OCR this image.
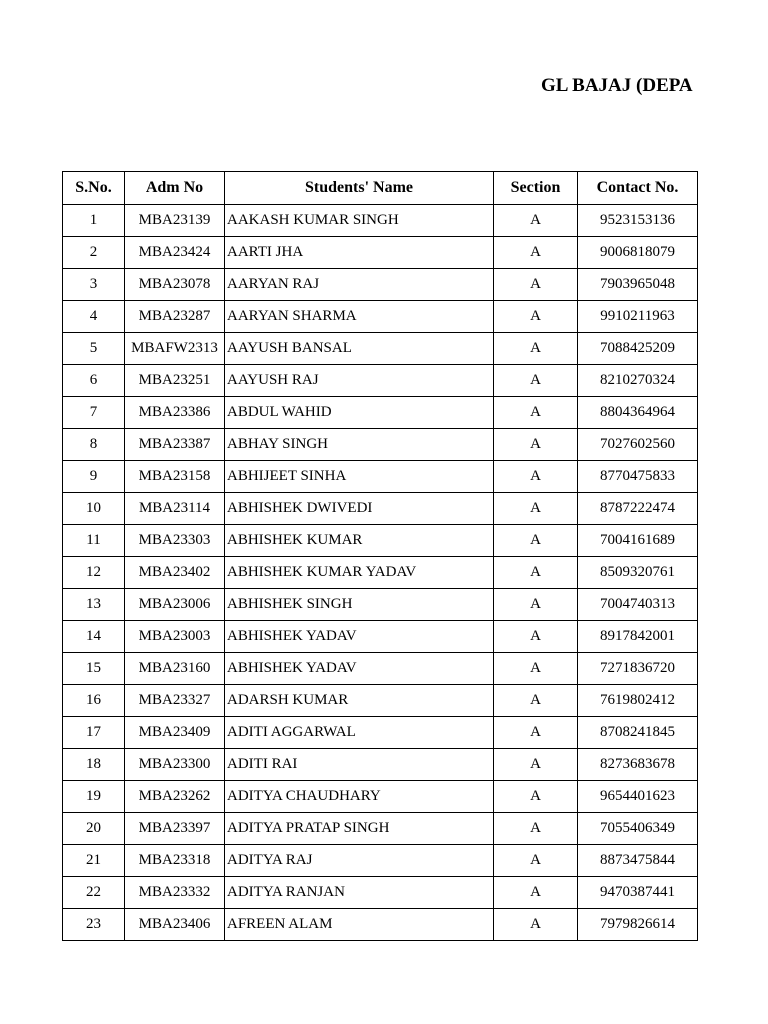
GL BAJAJ (DEPA
S.No.	Adm No	Students' Name	Section	Contact No.
1	MBA23139	AAKASH KUMAR SINGH	A	9523153136
2	MBA23424	AARTI JHA	A	9006818079
3	MBA23078	AARYAN RAJ	A	7903965048
4	MBA23287	AARYAN SHARMA	A	9910211963
5	MBAFW2313	AAYUSH BANSAL	A	7088425209
6	MBA23251	AAYUSH RAJ	A	8210270324
7	MBA23386	ABDUL WAHID	A	8804364964
8	MBA23387	ABHAY SINGH	A	7027602560
9	MBA23158	ABHIJEET SINHA	A	8770475833
10	MBA23114	ABHISHEK DWIVEDI	A	8787222474
11	MBA23303	ABHISHEK KUMAR	A	7004161689
12	MBA23402	ABHISHEK KUMAR YADAV	A	8509320761
13	MBA23006	ABHISHEK SINGH	A	7004740313
14	MBA23003	ABHISHEK YADAV	A	8917842001
15	MBA23160	ABHISHEK YADAV	A	7271836720
16	MBA23327	ADARSH KUMAR	A	7619802412
17	MBA23409	ADITI AGGARWAL	A	8708241845
18	MBA23300	ADITI RAI	A	8273683678
19	MBA23262	ADITYA CHAUDHARY	A	9654401623
20	MBA23397	ADITYA PRATAP SINGH	A	7055406349
21	MBA23318	ADITYA RAJ	A	8873475844
22	MBA23332	ADITYA RANJAN	A	9470387441
23	MBA23406	AFREEN ALAM	A	7979826614
